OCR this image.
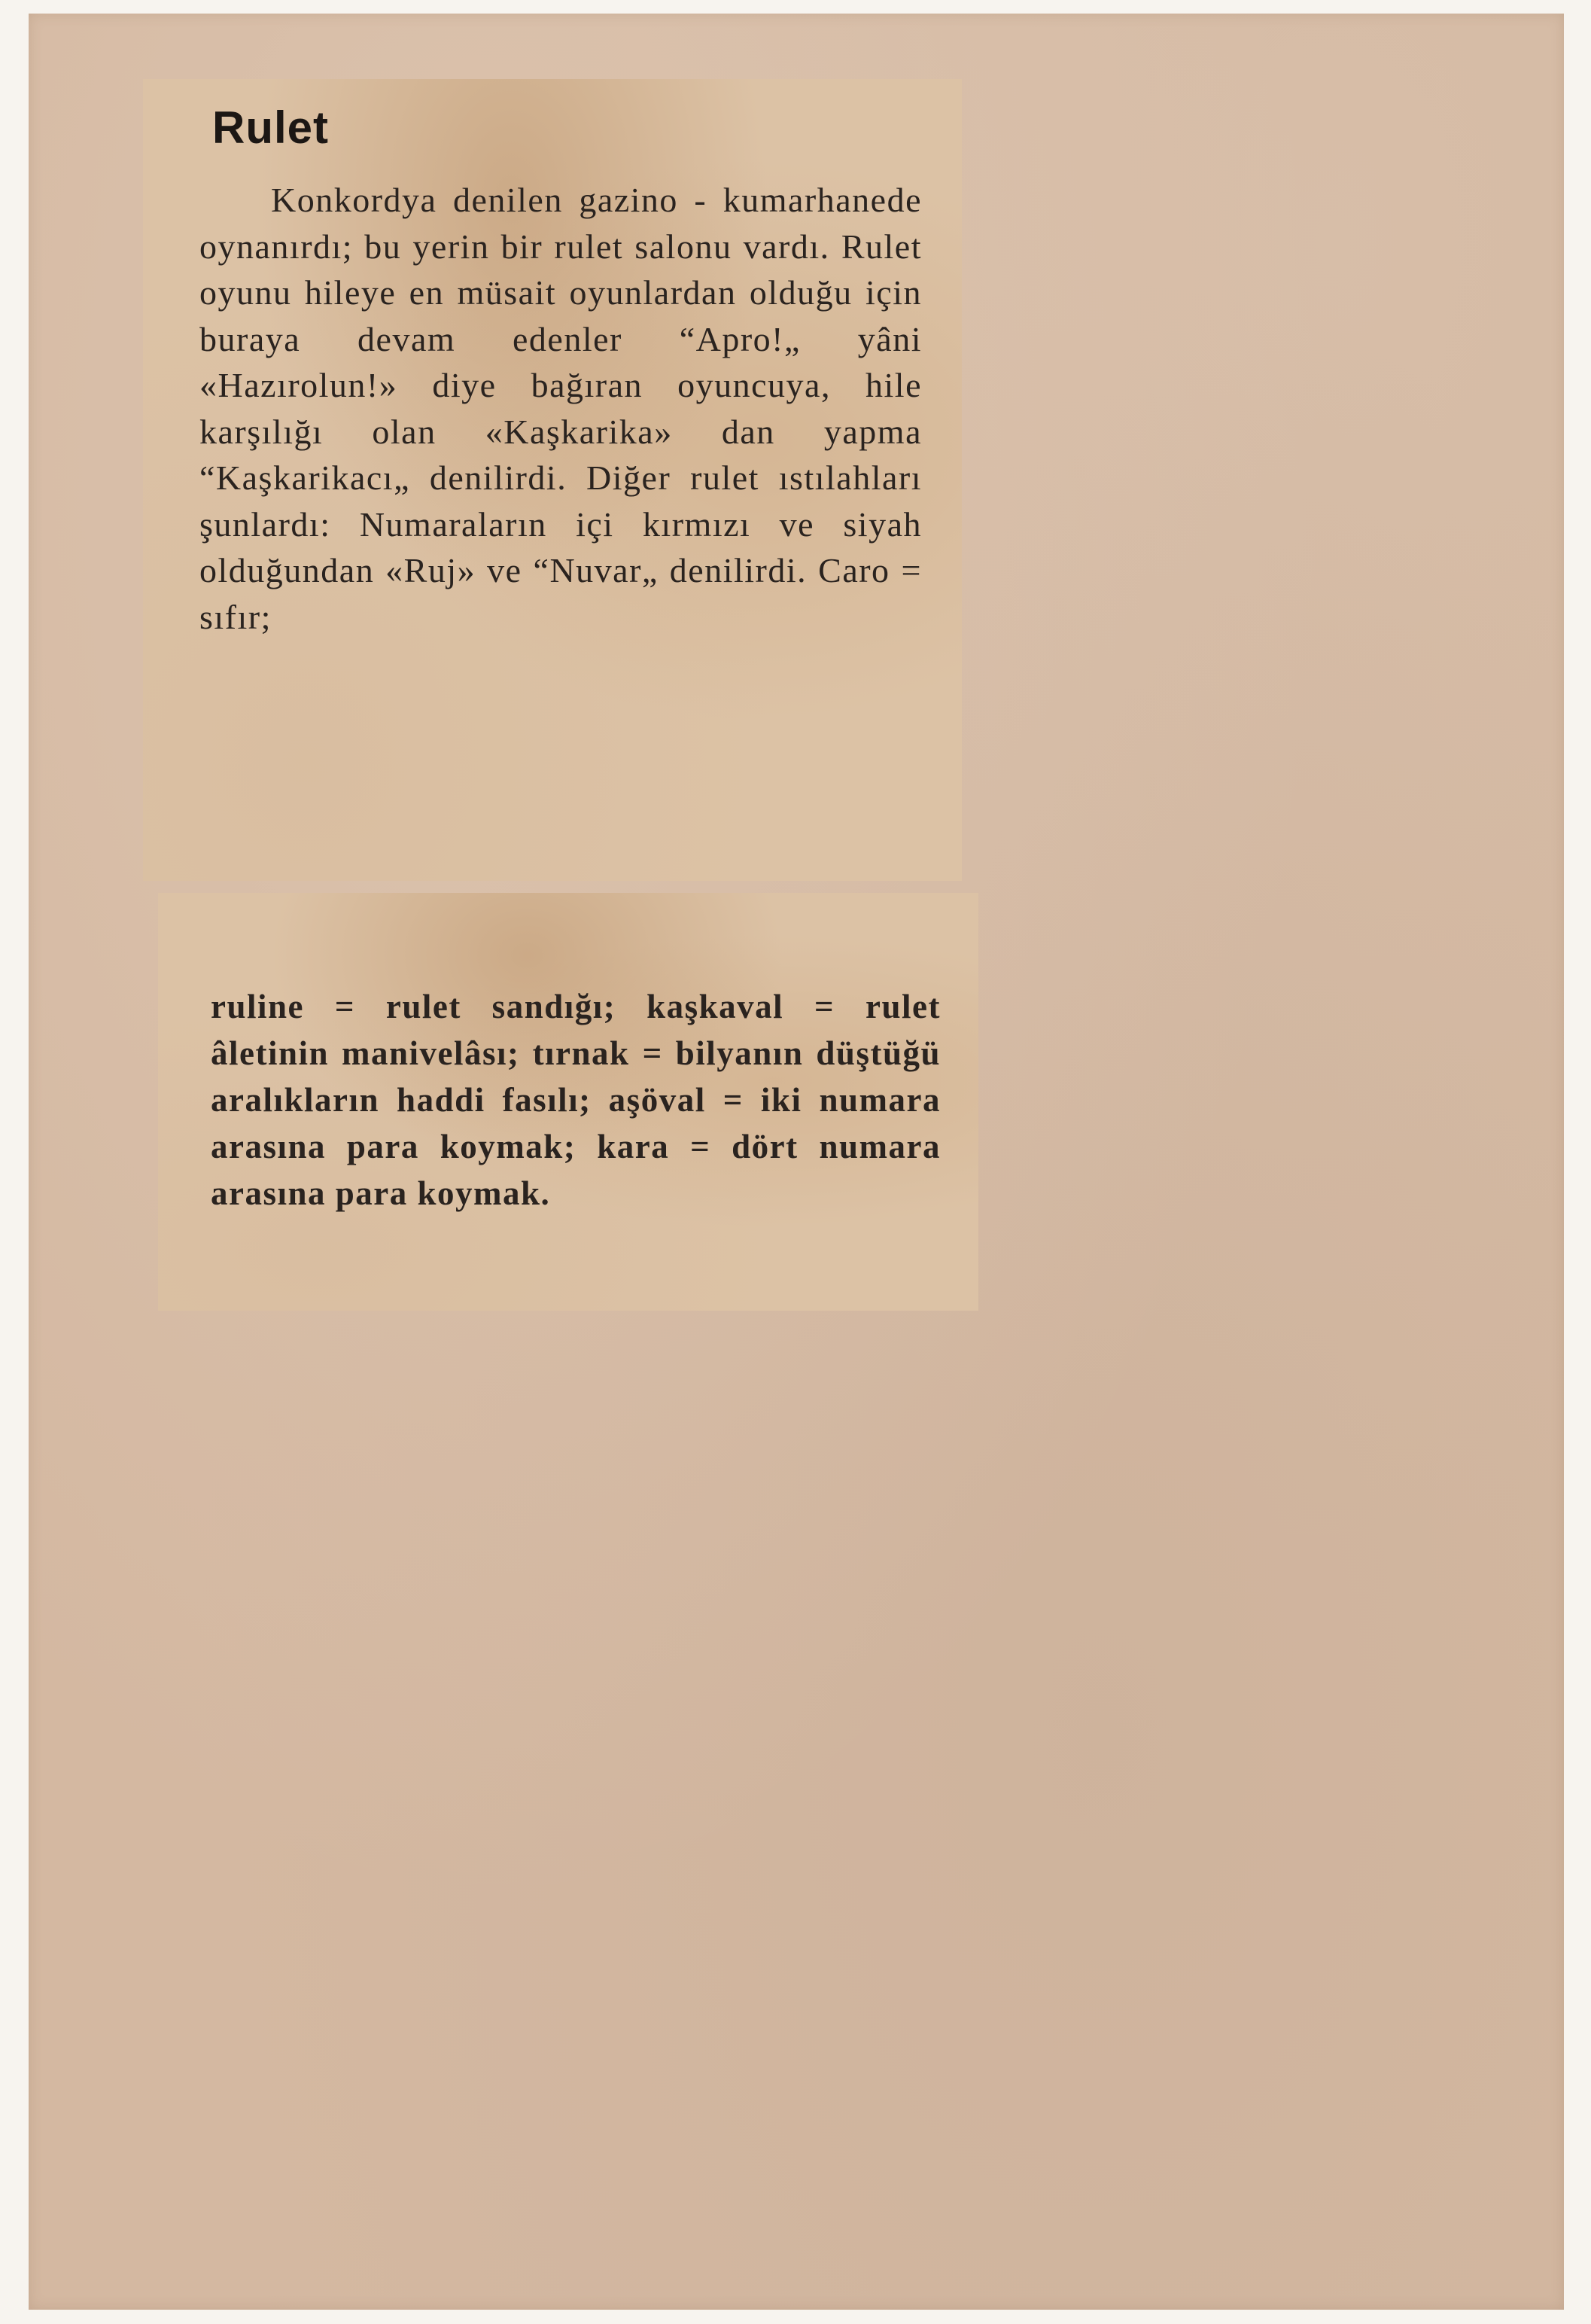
Rulet

Konkordya denilen gazino - kumarhanede oynanırdı; bu yerin bir rulet salonu vardı. Rulet oyunu hileye en müsait oyunlardan olduğu için buraya devam edenler “Apro!„ yâni «Hazırolun!» diye bağıran oyuncuya, hile karşılığı olan «Kaşkarika» dan yapma “Kaşkarikacı„ denilirdi. Diğer rulet ıstılahları şunlardı: Numaraların içi kırmızı ve siyah olduğundan «Ruj» ve “Nuvar„ denilirdi. Caro = sıfır;

ruline = rulet sandığı; kaşkaval = rulet âletinin manivelâsı; tırnak = bilyanın düştüğü aralıkların haddi fasılı; aşöval = iki numara arasına para koymak; kara = dört numara
arasına para koymak.
